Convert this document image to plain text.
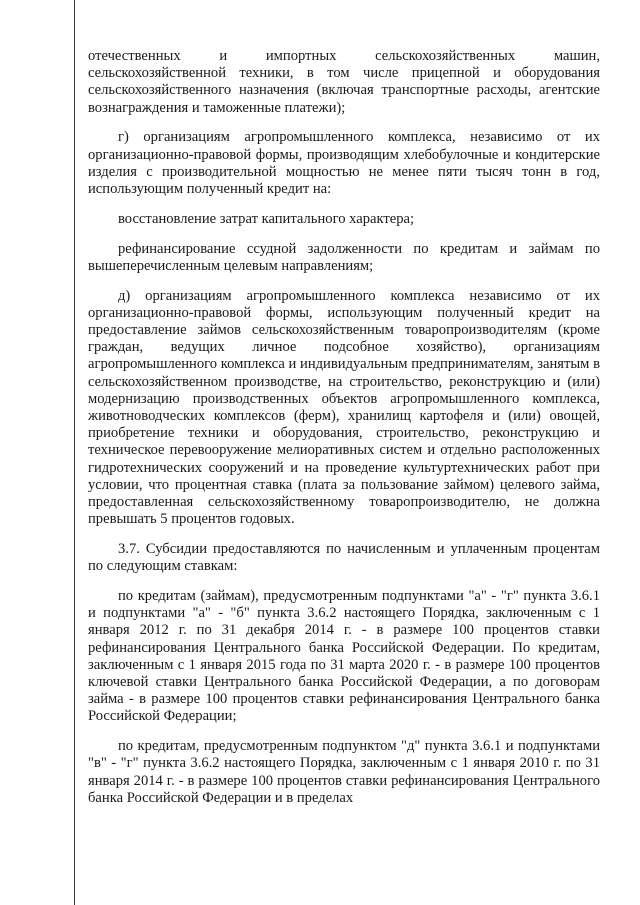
отечественных и импортных сельскохозяйственных машин, сельскохозяйственной техники, в том числе прицепной и оборудования сельскохозяйственного назначения (включая транспортные расходы, агентские вознаграждения и таможенные платежи);

г) организациям агропромышленного комплекса, независимо от их организационно-правовой формы, производящим хлебобулочные и кондитерские изделия с производительной мощностью не менее пяти тысяч тонн в год, использующим полученный кредит на:

восстановление затрат капитального характера;

рефинансирование ссудной задолженности по кредитам и займам по вышеперечисленным целевым направлениям;

д) организациям агропромышленного комплекса независимо от их организационно-правовой формы, использующим полученный кредит на предоставление займов сельскохозяйственным товаропроизводителям (кроме граждан, ведущих личное подсобное хозяйство), организациям агропромышленного комплекса и индивидуальным предпринимателям, занятым в сельскохозяйственном производстве, на строительство, реконструкцию и (или) модернизацию производственных объектов агропромышленного комплекса, животноводческих комплексов (ферм), хранилищ картофеля и (или) овощей, приобретение техники и оборудования, строительство, реконструкцию и техническое перевооружение мелиоративных систем и отдельно расположенных гидротехнических сооружений и на проведение культуртехнических работ при условии, что процентная ставка (плата за пользование займом) целевого займа, предоставленная сельскохозяйственному товаропроизводителю, не должна превышать 5 процентов годовых.

3.7. Субсидии предоставляются по начисленным и уплаченным процентам по следующим ставкам:

по кредитам (займам), предусмотренным подпунктами "а" - "г" пункта 3.6.1 и подпунктами "а" - "б" пункта 3.6.2 настоящего Порядка, заключенным с 1 января 2012 г. по 31 декабря 2014 г. - в размере 100 процентов ставки рефинансирования Центрального банка Российской Федерации. По кредитам, заключенным с 1 января 2015 года по 31 марта 2020 г. - в размере 100 процентов ключевой ставки Центрального банка Российской Федерации, а по договорам займа - в размере 100 процентов ставки рефинансирования Центрального банка Российской Федерации;

по кредитам, предусмотренным подпунктом "д" пункта 3.6.1 и подпунктами "в" - "г" пункта 3.6.2 настоящего Порядка, заключенным с 1 января 2010 г. по 31 января 2014 г. - в размере 100 процентов ставки рефинансирования Центрального банка Российской Федерации и в пределах
